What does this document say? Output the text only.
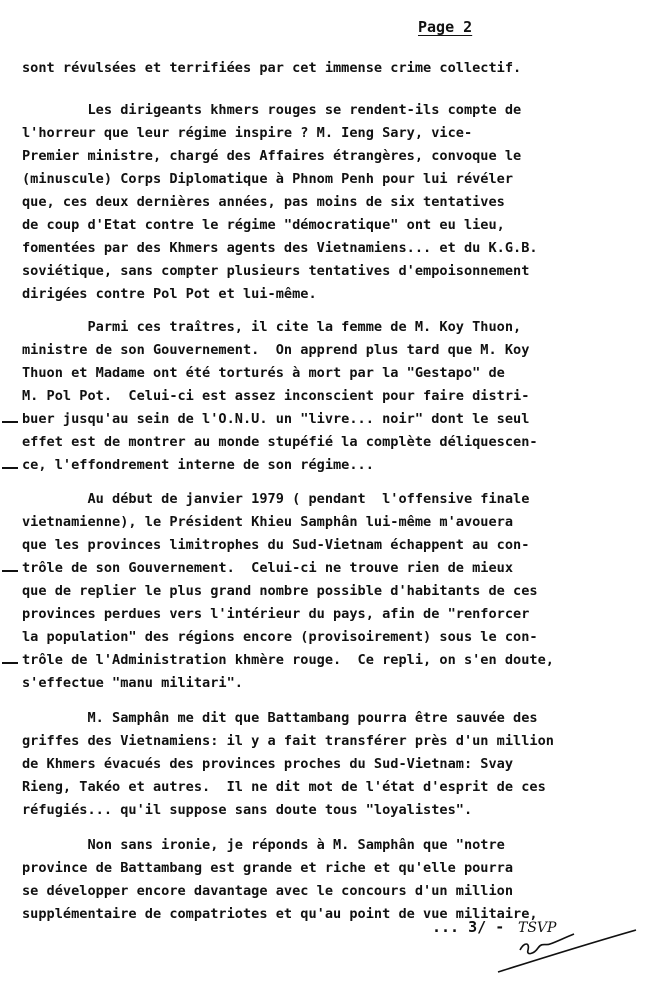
Page 2
sont révulsées et terrifiées par cet immense crime collectif.
Les dirigeants khmers rouges se rendent-ils compte de
l'horreur que leur régime inspire ? M. Ieng Sary, vice-
Premier ministre, chargé des Affaires étrangères, convoque le
(minuscule) Corps Diplomatique à Phnom Penh pour lui révéler
que, ces deux dernières années, pas moins de six tentatives
de coup d'Etat contre le régime "démocratique" ont eu lieu,
fomentées par des Khmers agents des Vietnamiens... et du K.G.B.
soviétique, sans compter plusieurs tentatives d'empoisonnement
dirigées contre Pol Pot et lui-même.
Parmi ces traîtres, il cite la femme de M. Koy Thuon,
ministre de son Gouvernement.  On apprend plus tard que M. Koy
Thuon et Madame ont été torturés à mort par la "Gestapo" de
M. Pol Pot.  Celui-ci est assez inconscient pour faire distri-
buer jusqu'au sein de l'O.N.U. un "livre... noir" dont le seul
effet est de montrer au monde stupéfié la complète déliquescen-
ce, l'effondrement interne de son régime...
Au début de janvier 1979 ( pendant  l'offensive finale
vietnamienne), le Président Khieu Samphân lui-même m'avouera
que les provinces limitrophes du Sud-Vietnam échappent au con-
trôle de son Gouvernement.  Celui-ci ne trouve rien de mieux
que de replier le plus grand nombre possible d'habitants de ces
provinces perdues vers l'intérieur du pays, afin de "renforcer
la population" des régions encore (provisoirement) sous le con-
trôle de l'Administration khmère rouge.  Ce repli, on s'en doute,
s'effectue "manu militari".
M. Samphân me dit que Battambang pourra être sauvée des
griffes des Vietnamiens: il y a fait transférer près d'un million
de Khmers évacués des provinces proches du Sud-Vietnam: Svay
Rieng, Takéo et autres.  Il ne dit mot de l'état d'esprit de ces
réfugiés... qu'il suppose sans doute tous "loyalistes".
Non sans ironie, je réponds à M. Samphân que "notre
province de Battambang est grande et riche et qu'elle pourra
se développer encore davantage avec le concours d'un million
supplémentaire de compatriotes et qu'au point de vue militaire,
... 3/ - TSVP
